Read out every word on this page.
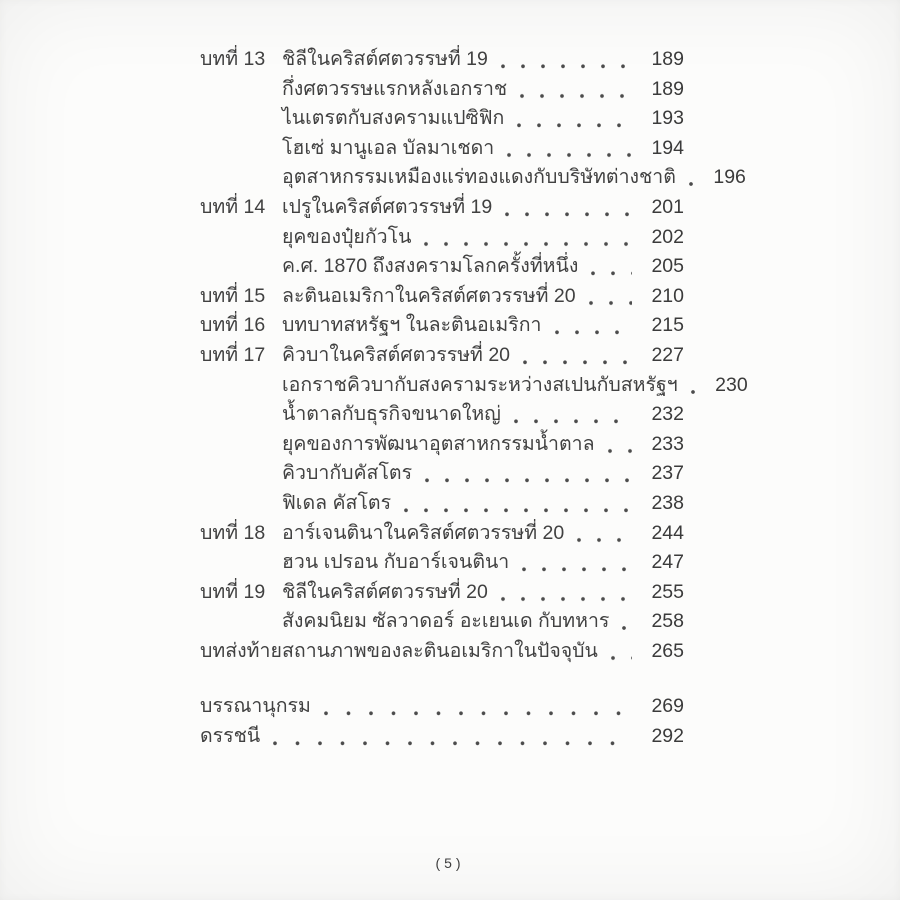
บทที่ 13 ชิลีในคริสต์ศตวรรษที่ 19	189
กึ่งศตวรรษแรกหลังเอกราช	189
ไนเตรตกับสงครามแปซิฟิก	193
โฮเซ่ มานูเอล บัลมาเชดา	194
อุตสาหกรรมเหมืองแร่ทองแดงกับบริษัทต่างชาติ	196
บทที่ 14 เปรูในคริสต์ศตวรรษที่ 19	201
ยุคของปุ๋ยกัวโน	202
ค.ศ. 1870 ถึงสงครามโลกครั้งที่หนึ่ง	205
บทที่ 15 ละตินอเมริกาในคริสต์ศตวรรษที่ 20	210
บทที่ 16 บทบาทสหรัฐฯ ในละตินอเมริกา	215
บทที่ 17 คิวบาในคริสต์ศตวรรษที่ 20	227
เอกราชคิวบากับสงครามระหว่างสเปนกับสหรัฐฯ	230
น้ำตาลกับธุรกิจขนาดใหญ่	232
ยุคของการพัฒนาอุตสาหกรรมน้ำตาล	233
คิวบากับคัสโตร	237
ฟิเดล คัสโตร	238
บทที่ 18 อาร์เจนตินาในคริสต์ศตวรรษที่ 20	244
ฮวน เปรอน กับอาร์เจนตินา	247
บทที่ 19 ชิลีในคริสต์ศตวรรษที่ 20	255
สังคมนิยม ซัลวาดอร์ อะเยนเด กับทหาร	258
บทส่งท้าย สถานภาพของละตินอเมริกาในปัจจุบัน	265
บรรณานุกรม	269
ดรรชนี	292
(5)
